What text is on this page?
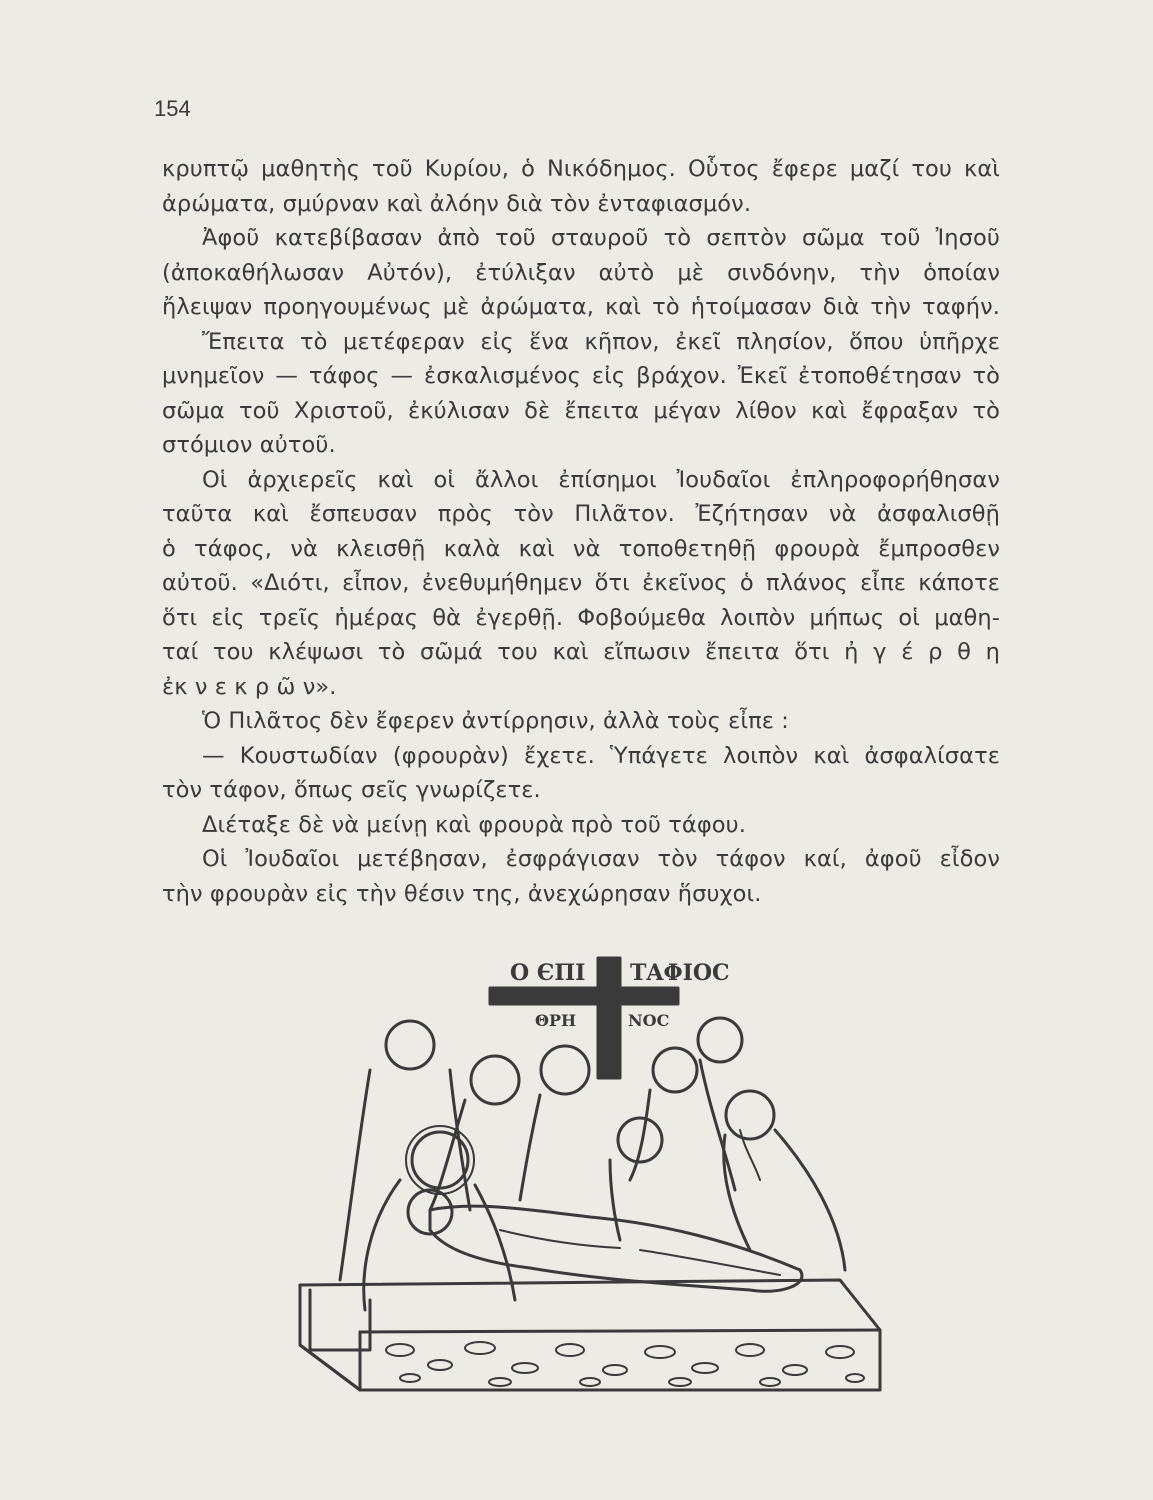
154
κρυπτῷ μαθητὴς τοῦ Κυρίου, ὁ Νικόδημος. Οὗτος ἔφερε μαζί του καὶ
ἀρώματα, σμύρναν καὶ ἀλόην διὰ τὸν ἐνταφιασμόν.
Ἀφοῦ κατεβίβασαν ἀπὸ τοῦ σταυροῦ τὸ σεπτὸν σῶμα τοῦ Ἰησοῦ
(ἀποκαθήλωσαν Αὐτόν), ἐτύλιξαν αὐτὸ μὲ σινδόνην, τὴν ὁποίαν
ἤλειψαν προηγουμένως μὲ ἀρώματα, καὶ τὸ ἡτοίμασαν διὰ τὴν ταφήν.
Ἔπειτα τὸ μετέφεραν εἰς ἕνα κῆπον, ἐκεῖ πλησίον, ὅπου ὑπῆρχε
μνημεῖον — τάφος — ἐσκαλισμένος εἰς βράχον. Ἐκεῖ ἐτοποθέτησαν τὸ
σῶμα τοῦ Χριστοῦ, ἐκύλισαν δὲ ἔπειτα μέγαν λίθον καὶ ἔφραξαν τὸ
στόμιον αὐτοῦ.
Οἱ ἀρχιερεῖς καὶ οἱ ἄλλοι ἐπίσημοι Ἰουδαῖοι ἐπληροφορήθησαν
ταῦτα καὶ ἔσπευσαν πρὸς τὸν Πιλᾶτον. Ἐζήτησαν νὰ ἀσφαλισθῇ
ὁ τάφος, νὰ κλεισθῇ καλὰ καὶ νὰ τοποθετηθῇ φρουρὰ ἔμπροσθεν
αὐτοῦ. «Διότι, εἶπον, ἐνεθυμήθημεν ὅτι ἐκεῖνος ὁ πλάνος εἶπε κάποτε
ὅτι εἰς τρεῖς ἡμέρας θὰ ἐγερθῇ. Φοβούμεθα λοιπὸν μήπως οἱ μαθη-
ταί του κλέψωσι τὸ σῶμά του καὶ εἴπωσιν ἔπειτα ὅτι ἠ γ έ ρ θ η
ἐκ ν ε κ ρ ῶ ν».
Ὁ Πιλᾶτος δὲν ἔφερεν ἀντίρρησιν, ἀλλὰ τοὺς εἶπε :
— Κουστωδίαν (φρουρὰν) ἔχετε. Ὑπάγετε λοιπὸν καὶ ἀσφαλίσατε
τὸν τάφον, ὅπως σεῖς γνωρίζετε.
Διέταξε δὲ νὰ μείνῃ καὶ φρουρὰ πρὸ τοῦ τάφου.
Οἱ Ἰουδαῖοι μετέβησαν, ἐσφράγισαν τὸν τάφον καί, ἀφοῦ εἶδον
τὴν φρουρὰν εἰς τὴν θέσιν της, ἀνεχώρησαν ἥσυχοι.
Ο ЄΠΙ ΤΑΦΙΟϹ
ΘΡΗ	ΝΟϹ
